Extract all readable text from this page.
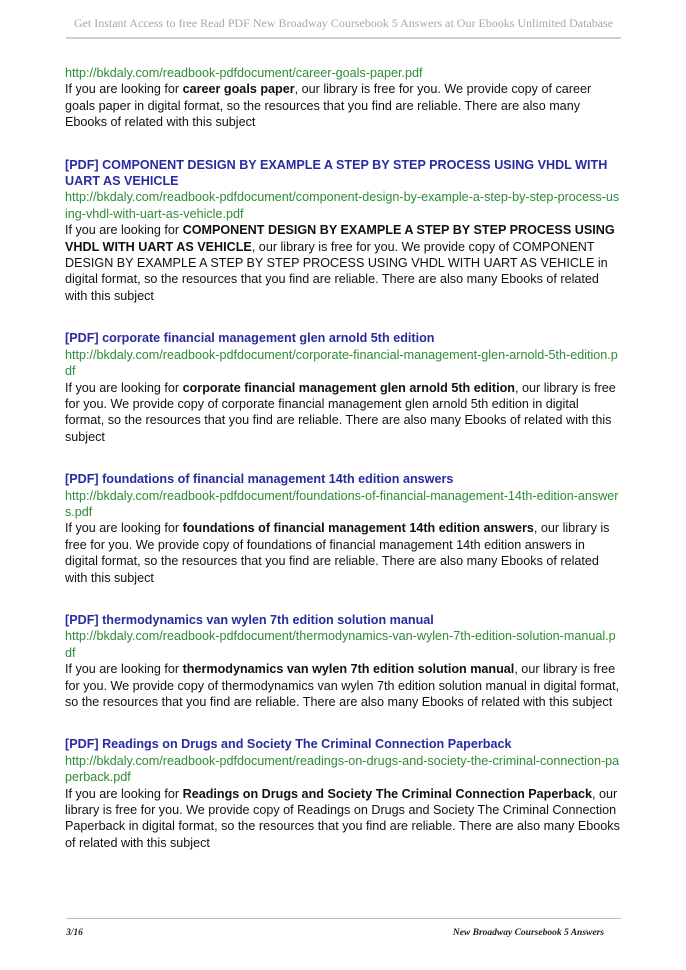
Get Instant Access to free Read PDF New Broadway Coursebook 5 Answers at Our Ebooks Unlimited Database
http://bkdaly.com/readbook-pdfdocument/career-goals-paper.pdf
If you are looking for career goals paper, our library is free for you. We provide copy of career goals paper in digital format, so the resources that you find are reliable. There are also many Ebooks of related with this subject
[PDF] COMPONENT DESIGN BY EXAMPLE A STEP BY STEP PROCESS USING VHDL WITH UART AS VEHICLE
http://bkdaly.com/readbook-pdfdocument/component-design-by-example-a-step-by-step-process-using-vhdl-with-uart-as-vehicle.pdf
If you are looking for COMPONENT DESIGN BY EXAMPLE A STEP BY STEP PROCESS USING VHDL WITH UART AS VEHICLE, our library is free for you. We provide copy of COMPONENT DESIGN BY EXAMPLE A STEP BY STEP PROCESS USING VHDL WITH UART AS VEHICLE in digital format, so the resources that you find are reliable. There are also many Ebooks of related with this subject
[PDF] corporate financial management glen arnold 5th edition
http://bkdaly.com/readbook-pdfdocument/corporate-financial-management-glen-arnold-5th-edition.pdf
If you are looking for corporate financial management glen arnold 5th edition, our library is free for you. We provide copy of corporate financial management glen arnold 5th edition in digital format, so the resources that you find are reliable. There are also many Ebooks of related with this subject
[PDF] foundations of financial management 14th edition answers
http://bkdaly.com/readbook-pdfdocument/foundations-of-financial-management-14th-edition-answers.pdf
If you are looking for foundations of financial management 14th edition answers, our library is free for you. We provide copy of foundations of financial management 14th edition answers in digital format, so the resources that you find are reliable. There are also many Ebooks of related with this subject
[PDF] thermodynamics van wylen 7th edition solution manual
http://bkdaly.com/readbook-pdfdocument/thermodynamics-van-wylen-7th-edition-solution-manual.pdf
If you are looking for thermodynamics van wylen 7th edition solution manual, our library is free for you. We provide copy of thermodynamics van wylen 7th edition solution manual in digital format, so the resources that you find are reliable. There are also many Ebooks of related with this subject
[PDF] Readings on Drugs and Society The Criminal Connection Paperback
http://bkdaly.com/readbook-pdfdocument/readings-on-drugs-and-society-the-criminal-connection-paperback.pdf
If you are looking for Readings on Drugs and Society The Criminal Connection Paperback, our library is free for you. We provide copy of Readings on Drugs and Society The Criminal Connection Paperback in digital format, so the resources that you find are reliable. There are also many Ebooks of related with this subject
3/16	New Broadway Coursebook 5 Answers
